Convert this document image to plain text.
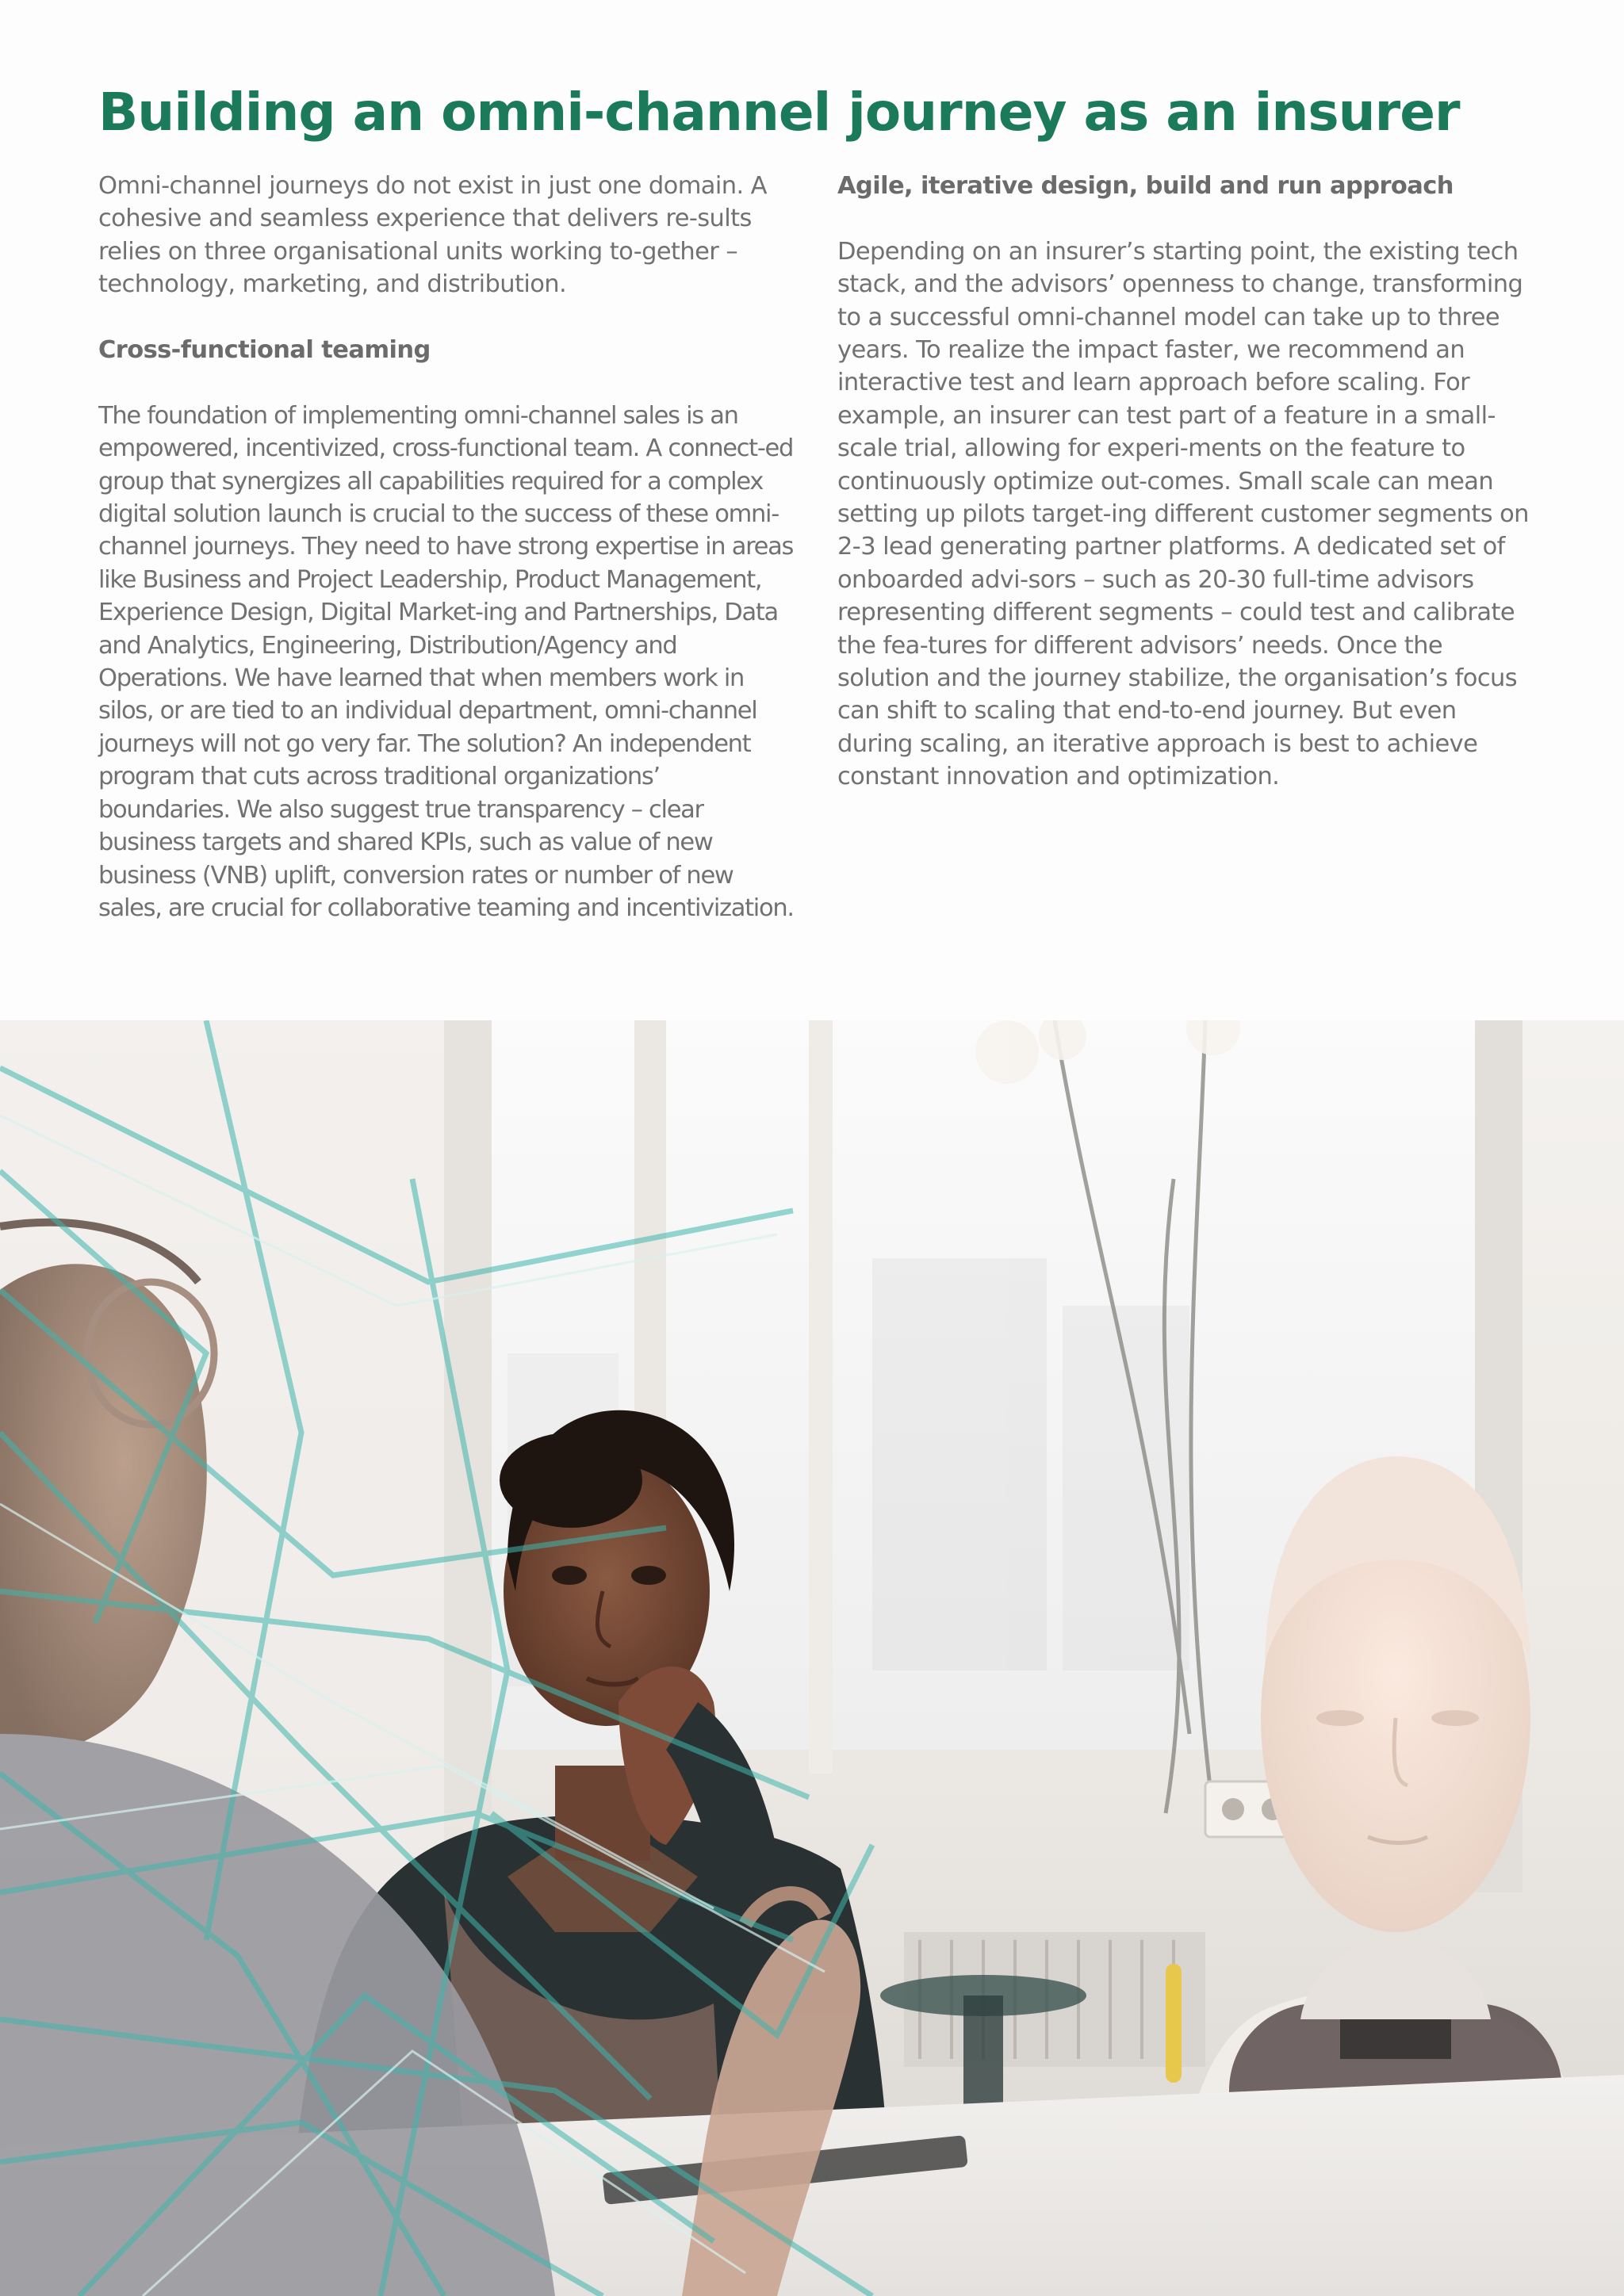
Building an omni-channel journey as an insurer

Omni-channel journeys do not exist in just one domain. A cohesive and seamless experience that delivers re-sults relies on three organisational units working to-gether – technology, marketing, and distribution.

Cross-functional teaming

The foundation of implementing omni-channel sales is an empowered, incentivized, cross-functional team. A connect-ed group that synergizes all capabilities required for a complex digital solution launch is crucial to the success of these omni-channel journeys. They need to have strong expertise in areas like Business and Project Leadership, Product Management, Experience Design, Digital Market-ing and Partnerships, Data and Analytics, Engineering, Distribution/Agency and Operations. We have learned that when members work in silos, or are tied to an individual department, omni-channel journeys will not go very far. The solution? An independent program that cuts across traditional organizations’ boundaries. We also suggest true transparency – clear business targets and shared KPIs, such as value of new business (VNB) uplift, conversion rates or number of new sales, are crucial for collaborative teaming and incentivization.

Agile, iterative design, build and run approach

Depending on an insurer’s starting point, the existing tech stack, and the advisors’ openness to change, transforming to a successful omni-channel model can take up to three years. To realize the impact faster, we recommend an interactive test and learn approach before scaling. For example, an insurer can test part of a feature in a small-scale trial, allowing for experi-ments on the feature to continuously optimize out-comes. Small scale can mean setting up pilots target-ing different customer segments on 2-3 lead generating partner platforms. A dedicated set of onboarded advi-sors – such as 20-30 full-time advisors representing different segments – could test and calibrate the fea-tures for different advisors’ needs. Once the solution and the journey stabilize, the organisation’s focus can shift to scaling that end-to-end journey. But even during scaling, an iterative approach is best to achieve constant innovation and optimization.
